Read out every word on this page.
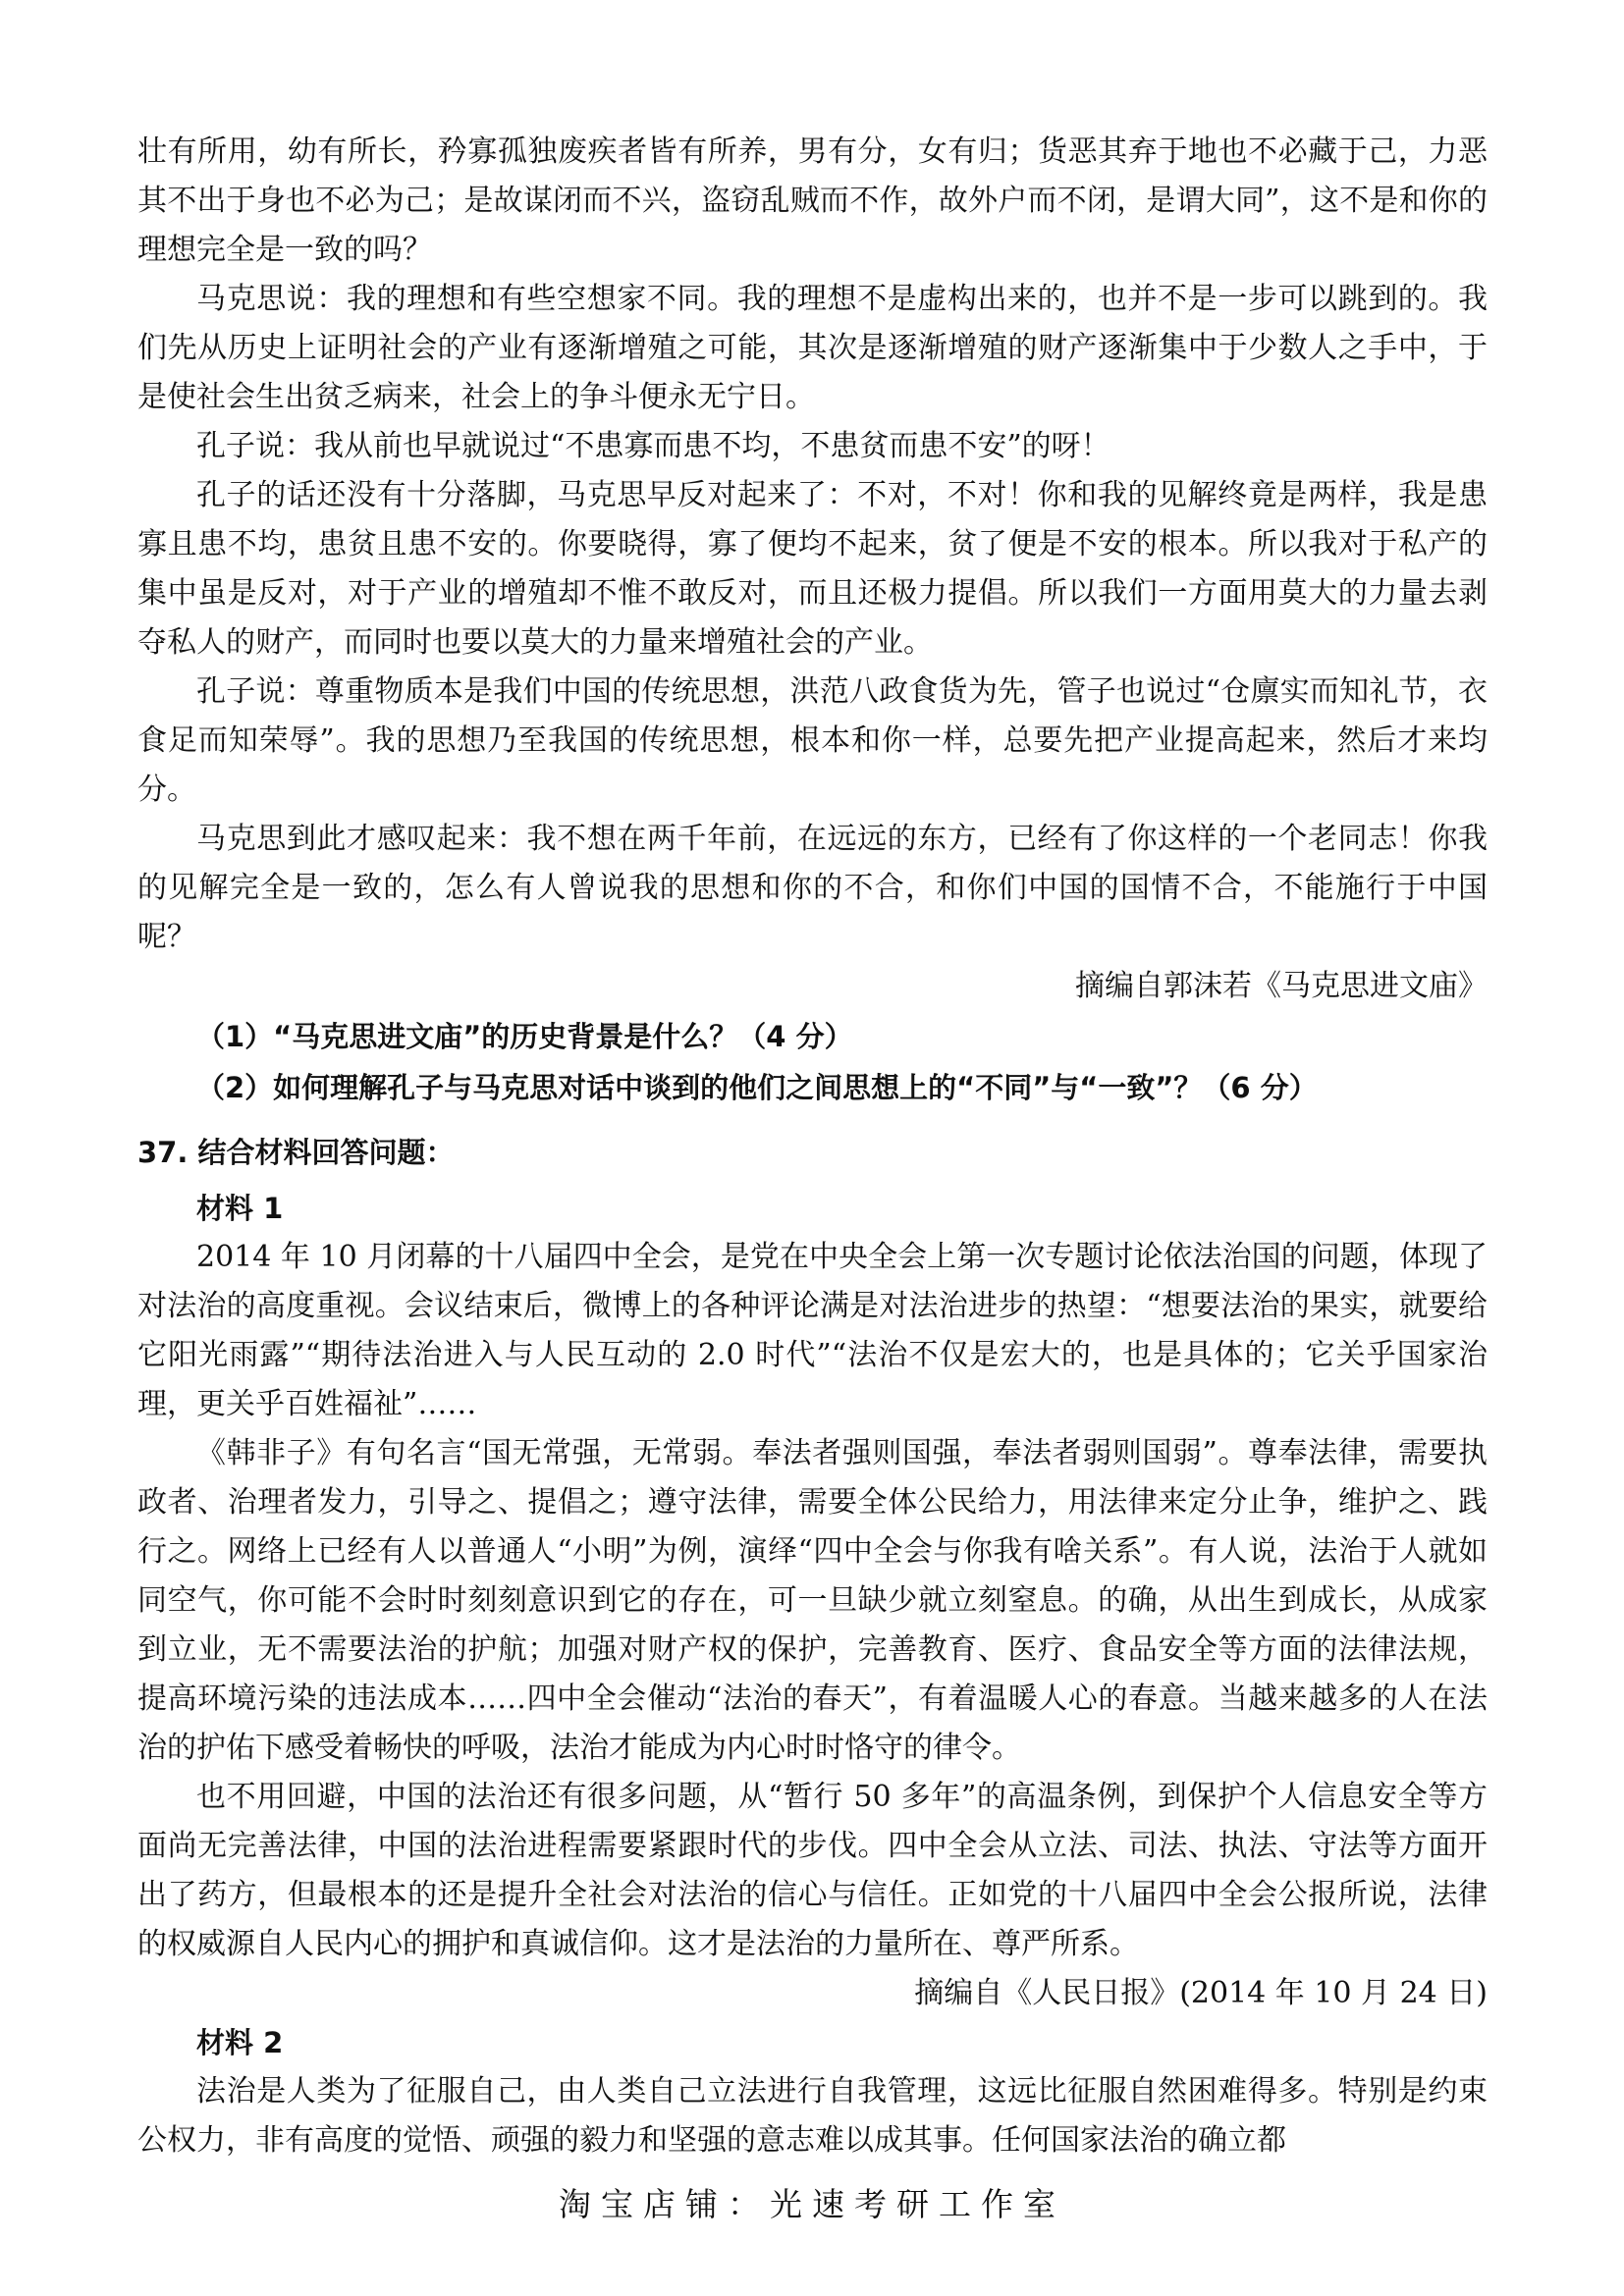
壮有所用，幼有所长，矜寡孤独废疾者皆有所养，男有分，女有归；货恶其弃于地也不必藏于己，力恶其不出于身也不必为己；是故谋闭而不兴，盗窃乱贼而不作，故外户而不闭，是谓大同”，这不是和你的理想完全是一致的吗？

马克思说：我的理想和有些空想家不同。我的理想不是虚构出来的，也并不是一步可以跳到的。我们先从历史上证明社会的产业有逐渐增殖之可能，其次是逐渐增殖的财产逐渐集中于少数人之手中，于是使社会生出贫乏病来，社会上的争斗便永无宁日。

孔子说：我从前也早就说过“不患寡而患不均，不患贫而患不安”的呀！

孔子的话还没有十分落脚，马克思早反对起来了：不对，不对！你和我的见解终竟是两样，我是患寡且患不均，患贫且患不安的。你要晓得，寡了便均不起来，贫了便是不安的根本。所以我对于私产的集中虽是反对，对于产业的增殖却不惟不敢反对，而且还极力提倡。所以我们一方面用莫大的力量去剥夺私人的财产，而同时也要以莫大的力量来增殖社会的产业。

孔子说：尊重物质本是我们中国的传统思想，洪范八政食货为先，管子也说过“仓廪实而知礼节，衣食足而知荣辱”。我的思想乃至我国的传统思想，根本和你一样，总要先把产业提高起来，然后才来均分。

马克思到此才感叹起来：我不想在两千年前，在远远的东方，已经有了你这样的一个老同志！你我的见解完全是一致的，怎么有人曾说我的思想和你的不合，和你们中国的国情不合，不能施行于中国呢？

摘编自郭沫若《马克思进文庙》
（1）“马克思进文庙”的历史背景是什么？（4 分）
（2）如何理解孔子与马克思对话中谈到的他们之间思想上的“不同”与“一致”？（6 分）
37. 结合材料回答问题：
材料 1

2014 年 10 月闭幕的十八届四中全会，是党在中央全会上第一次专题讨论依法治国的问题，体现了对法治的高度重视。会议结束后，微博上的各种评论满是对法治进步的热望：“想要法治的果实，就要给它阳光雨露”“期待法治进入与人民互动的 2.0 时代”“法治不仅是宏大的，也是具体的；它关乎国家治理，更关乎百姓福祉”……

《韩非子》有句名言“国无常强，无常弱。奉法者强则国强，奉法者弱则国弱”。尊奉法律，需要执政者、治理者发力，引导之、提倡之；遵守法律，需要全体公民给力，用法律来定分止争，维护之、践行之。网络上已经有人以普通人“小明”为例，演绎“四中全会与你我有啥关系”。有人说，法治于人就如同空气，你可能不会时时刻刻意识到它的存在，可一旦缺少就立刻窒息。的确，从出生到成长，从成家到立业，无不需要法治的护航；加强对财产权的保护，完善教育、医疗、食品安全等方面的法律法规，提高环境污染的违法成本……四中全会催动“法治的春天”，有着温暖人心的春意。当越来越多的人在法治的护佑下感受着畅快的呼吸，法治才能成为内心时时恪守的律令。

也不用回避，中国的法治还有很多问题，从“暂行 50 多年”的高温条例，到保护个人信息安全等方面尚无完善法律，中国的法治进程需要紧跟时代的步伐。四中全会从立法、司法、执法、守法等方面开出了药方，但最根本的还是提升全社会对法治的信心与信任。正如党的十八届四中全会公报所说，法律的权威源自人民内心的拥护和真诚信仰。这才是法治的力量所在、尊严所系。

摘编自《人民日报》(2014 年 10 月 24 日)
材料 2

法治是人类为了征服自己，由人类自己立法进行自我管理，这远比征服自然困难得多。特别是约束公权力，非有高度的觉悟、顽强的毅力和坚强的意志难以成其事。任何国家法治的确立都

淘宝店铺：光速考研工作室
